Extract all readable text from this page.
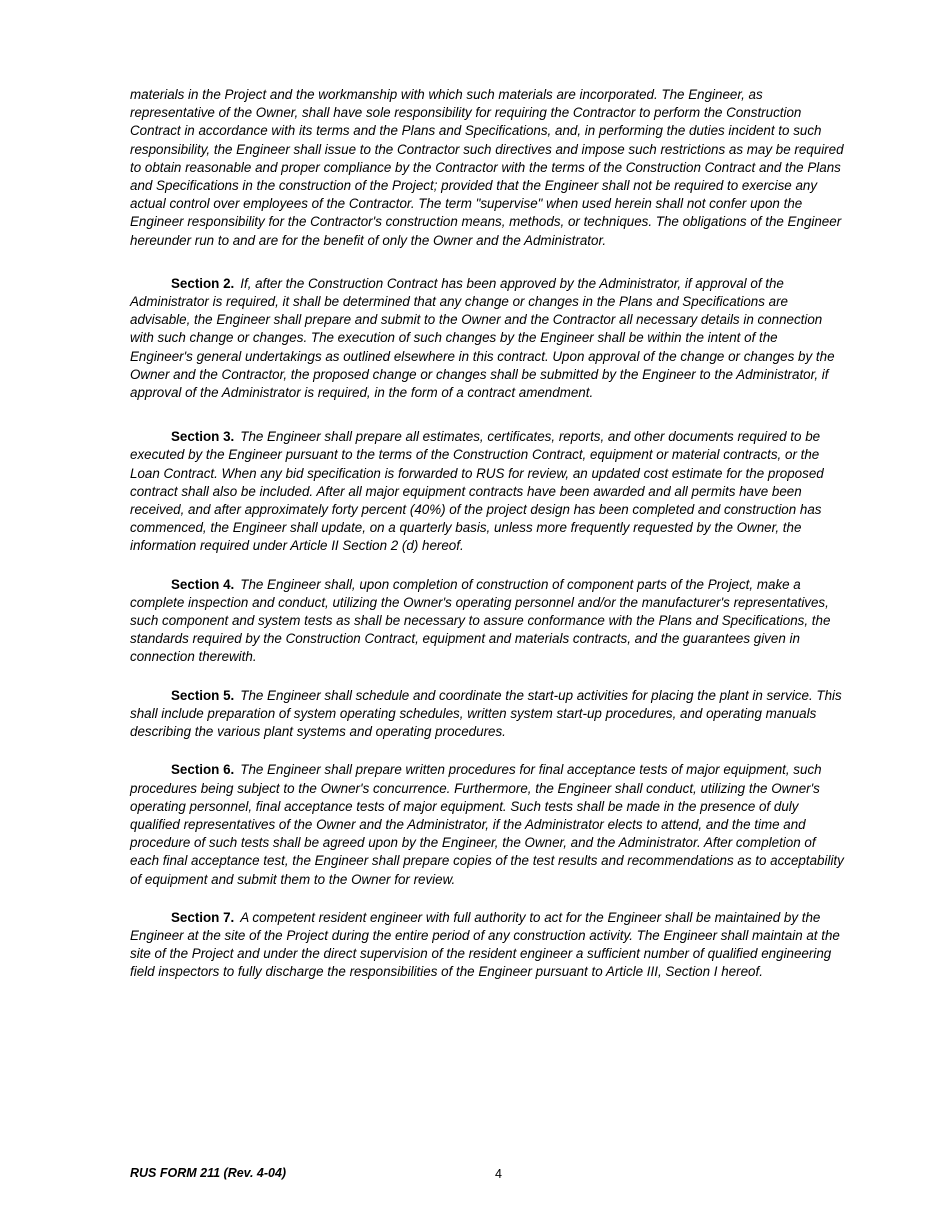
materials in the Project and the workmanship with which such materials are incorporated. The Engineer, as representative of the Owner, shall have sole responsibility for requiring the Contractor to perform the Construction Contract in accordance with its terms and the Plans and Specifications, and, in performing the duties incident to such responsibility, the Engineer shall issue to the Contractor such directives and impose such restrictions as may be required to obtain reasonable and proper compliance by the Contractor with the terms of the Construction Contract and the Plans and Specifications in the construction of the Project; provided that the Engineer shall not be required to exercise any actual control over employees of the Contractor. The term "supervise" when used herein shall not confer upon the Engineer responsibility for the Contractor's construction means, methods, or techniques. The obligations of the Engineer hereunder run to and are for the benefit of only the Owner and the Administrator.

Section 2. If, after the Construction Contract has been approved by the Administrator, if approval of the Administrator is required, it shall be determined that any change or changes in the Plans and Specifications are advisable, the Engineer shall prepare and submit to the Owner and the Contractor all necessary details in connection with such change or changes. The execution of such changes by the Engineer shall be within the intent of the Engineer's general undertakings as outlined elsewhere in this contract. Upon approval of the change or changes by the Owner and the Contractor, the proposed change or changes shall be submitted by the Engineer to the Administrator, if approval of the Administrator is required, in the form of a contract amendment.

Section 3. The Engineer shall prepare all estimates, certificates, reports, and other documents required to be executed by the Engineer pursuant to the terms of the Construction Contract, equipment or material contracts, or the Loan Contract. When any bid specification is forwarded to RUS for review, an updated cost estimate for the proposed contract shall also be included. After all major equipment contracts have been awarded and all permits have been received, and after approximately forty percent (40%) of the project design has been completed and construction has commenced, the Engineer shall update, on a quarterly basis, unless more frequently requested by the Owner, the information required under Article II Section 2 (d) hereof.

Section 4. The Engineer shall, upon completion of construction of component parts of the Project, make a complete inspection and conduct, utilizing the Owner's operating personnel and/or the manufacturer's representatives, such component and system tests as shall be necessary to assure conformance with the Plans and Specifications, the standards required by the Construction Contract, equipment and materials contracts, and the guarantees given in connection therewith.

Section 5. The Engineer shall schedule and coordinate the start-up activities for placing the plant in service. This shall include preparation of system operating schedules, written system start-up procedures, and operating manuals describing the various plant systems and operating procedures.

Section 6. The Engineer shall prepare written procedures for final acceptance tests of major equipment, such procedures being subject to the Owner's concurrence. Furthermore, the Engineer shall conduct, utilizing the Owner's operating personnel, final acceptance tests of major equipment. Such tests shall be made in the presence of duly qualified representatives of the Owner and the Administrator, if the Administrator elects to attend, and the time and procedure of such tests shall be agreed upon by the Engineer, the Owner, and the Administrator. After completion of each final acceptance test, the Engineer shall prepare copies of the test results and recommendations as to acceptability of equipment and submit them to the Owner for review.

Section 7. A competent resident engineer with full authority to act for the Engineer shall be maintained by the Engineer at the site of the Project during the entire period of any construction activity. The Engineer shall maintain at the site of the Project and under the direct supervision of the resident engineer a sufficient number of qualified engineering field inspectors to fully discharge the responsibilities of the Engineer pursuant to Article III, Section I hereof.

RUS FORM 211 (Rev. 4-04)	4
